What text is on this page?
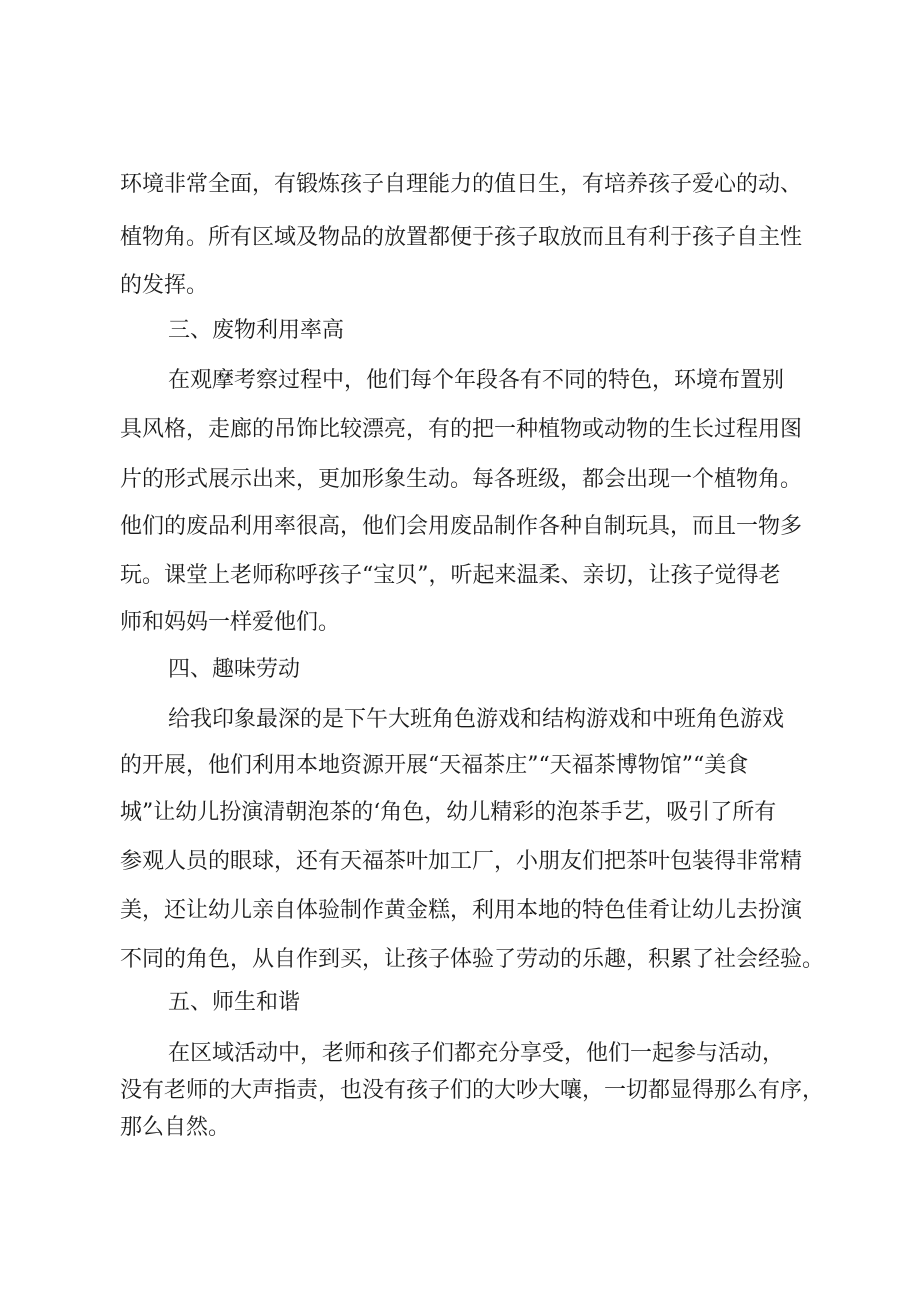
环境非常全面，有锻炼孩子自理能力的值日生，有培养孩子爱心的动、
植物角。所有区域及物品的放置都便于孩子取放而且有利于孩子自主性
的发挥。
三、废物利用率高
在观摩考察过程中，他们每个年段各有不同的特色，环境布置别
具风格，走廊的吊饰比较漂亮，有的把一种植物或动物的生长过程用图
片的形式展示出来，更加形象生动。每各班级，都会出现一个植物角。
他们的废品利用率很高，他们会用废品制作各种自制玩具，而且一物多
玩。课堂上老师称呼孩子“宝贝”，听起来温柔、亲切，让孩子觉得老
师和妈妈一样爱他们。
四、趣味劳动
给我印象最深的是下午大班角色游戏和结构游戏和中班角色游戏
的开展，他们利用本地资源开展“天福茶庄”“天福茶博物馆”“美食
城”让幼儿扮演清朝泡茶的‘角色，幼儿精彩的泡茶手艺，吸引了所有
参观人员的眼球，还有天福茶叶加工厂，小朋友们把茶叶包装得非常精
美，还让幼儿亲自体验制作黄金糕，利用本地的特色佳肴让幼儿去扮演
不同的角色，从自作到买，让孩子体验了劳动的乐趣，积累了社会经验。
五、师生和谐
在区域活动中，老师和孩子们都充分享受，他们一起参与活动，
没有老师的大声指责，也没有孩子们的大吵大嚷，一切都显得那么有序，
那么自然。
